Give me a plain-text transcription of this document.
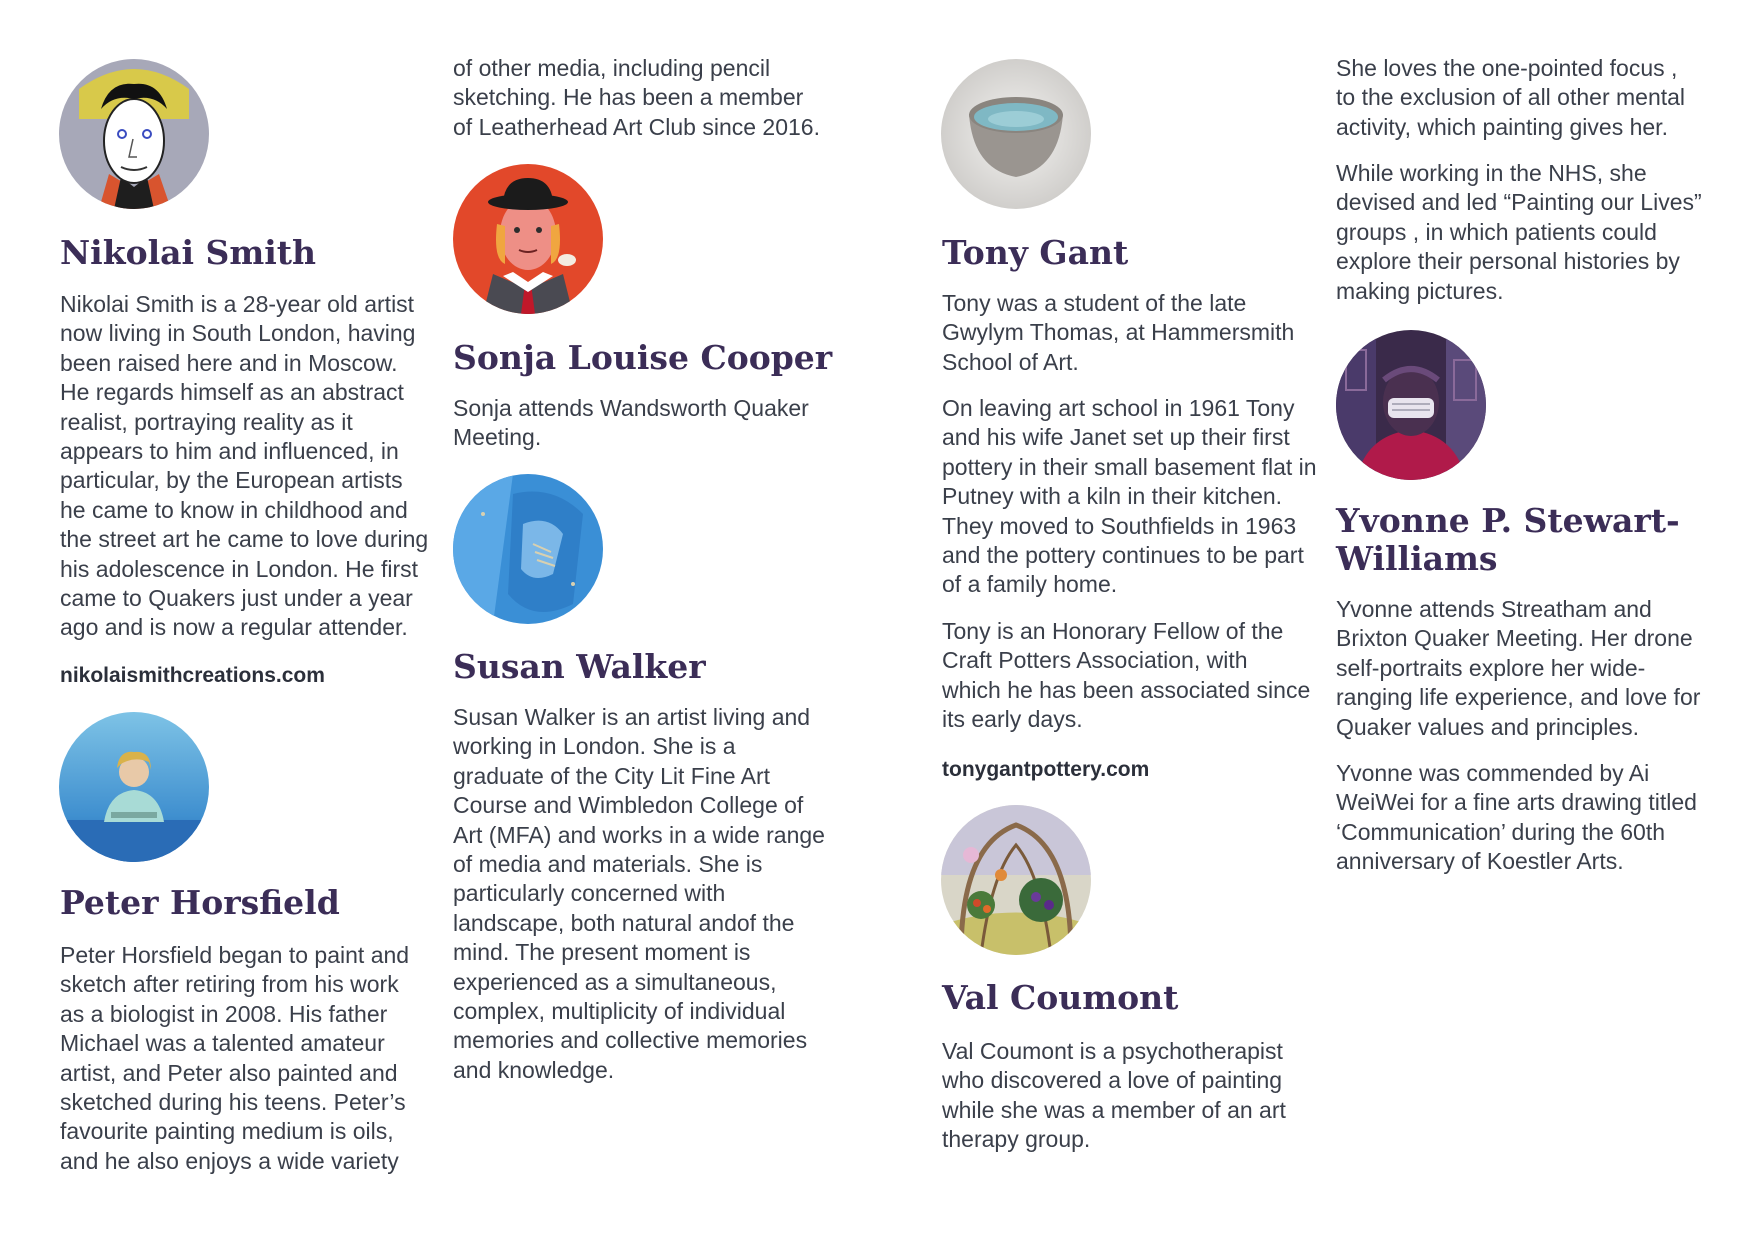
Nikolai Smith

Nikolai Smith is a 28-year old artist now living in South London, having been raised here and in Moscow. He regards himself as an abstract realist, portraying reality as it appears to him and influenced, in particular, by the European artists he came to know in childhood and the street art he came to love during his adolescence in London. He first came to Quakers just under a year ago and is now a regular attender.

nikolaismithcreations.com
Peter Horsfield

Peter Horsfield began to paint and sketch after retiring from his work as a biologist in 2008. His father Michael was a talented amateur artist, and Peter also painted and sketched during his teens. Peter’s favourite painting medium is oils, and he also enjoys a wide variety

of other media, including pencil sketching. He has been a member of Leatherhead Art Club since 2016.

Sonja Louise Cooper

Sonja attends Wandsworth Quaker Meeting.

Susan Walker

Susan Walker is an artist living and working in London. She is a graduate of the City Lit Fine Art Course and Wimbledon College of Art (MFA) and works in a wide range of media and materials. She is particularly concerned with landscape, both natural andof the mind. The present moment is experienced as a simultaneous, complex, multiplicity of individual memories and collective memories and knowledge.

Tony Gant

Tony was a student of the late Gwylym Thomas, at Hammersmith School of Art.

On leaving art school in 1961 Tony and his wife Janet set up their first pottery in their small basement flat in Putney with a kiln in their kitchen. They moved to Southfields in 1963 and the pottery continues to be part of a family home.

Tony is an Honorary Fellow of the Craft Potters Association, with which he has been associated since its early days.

tonygantpottery.com
Val Coumont

Val Coumont is a psychotherapist who discovered a love of painting while she was a member of an art therapy group.

She loves the one-pointed focus , to the exclusion of all other mental activity, which painting gives her.

While working in the NHS, she devised and led “Painting our Lives” groups , in which patients could explore their personal histories by making pictures.

Yvonne P. Stewart-
Williams

Yvonne attends Streatham and Brixton Quaker Meeting. Her drone self-portraits explore her wide-ranging life experience, and love for Quaker values and principles.

Yvonne was commended by Ai WeiWei for a fine arts drawing titled ‘Communication’ during the 60th anniversary of Koestler Arts.
